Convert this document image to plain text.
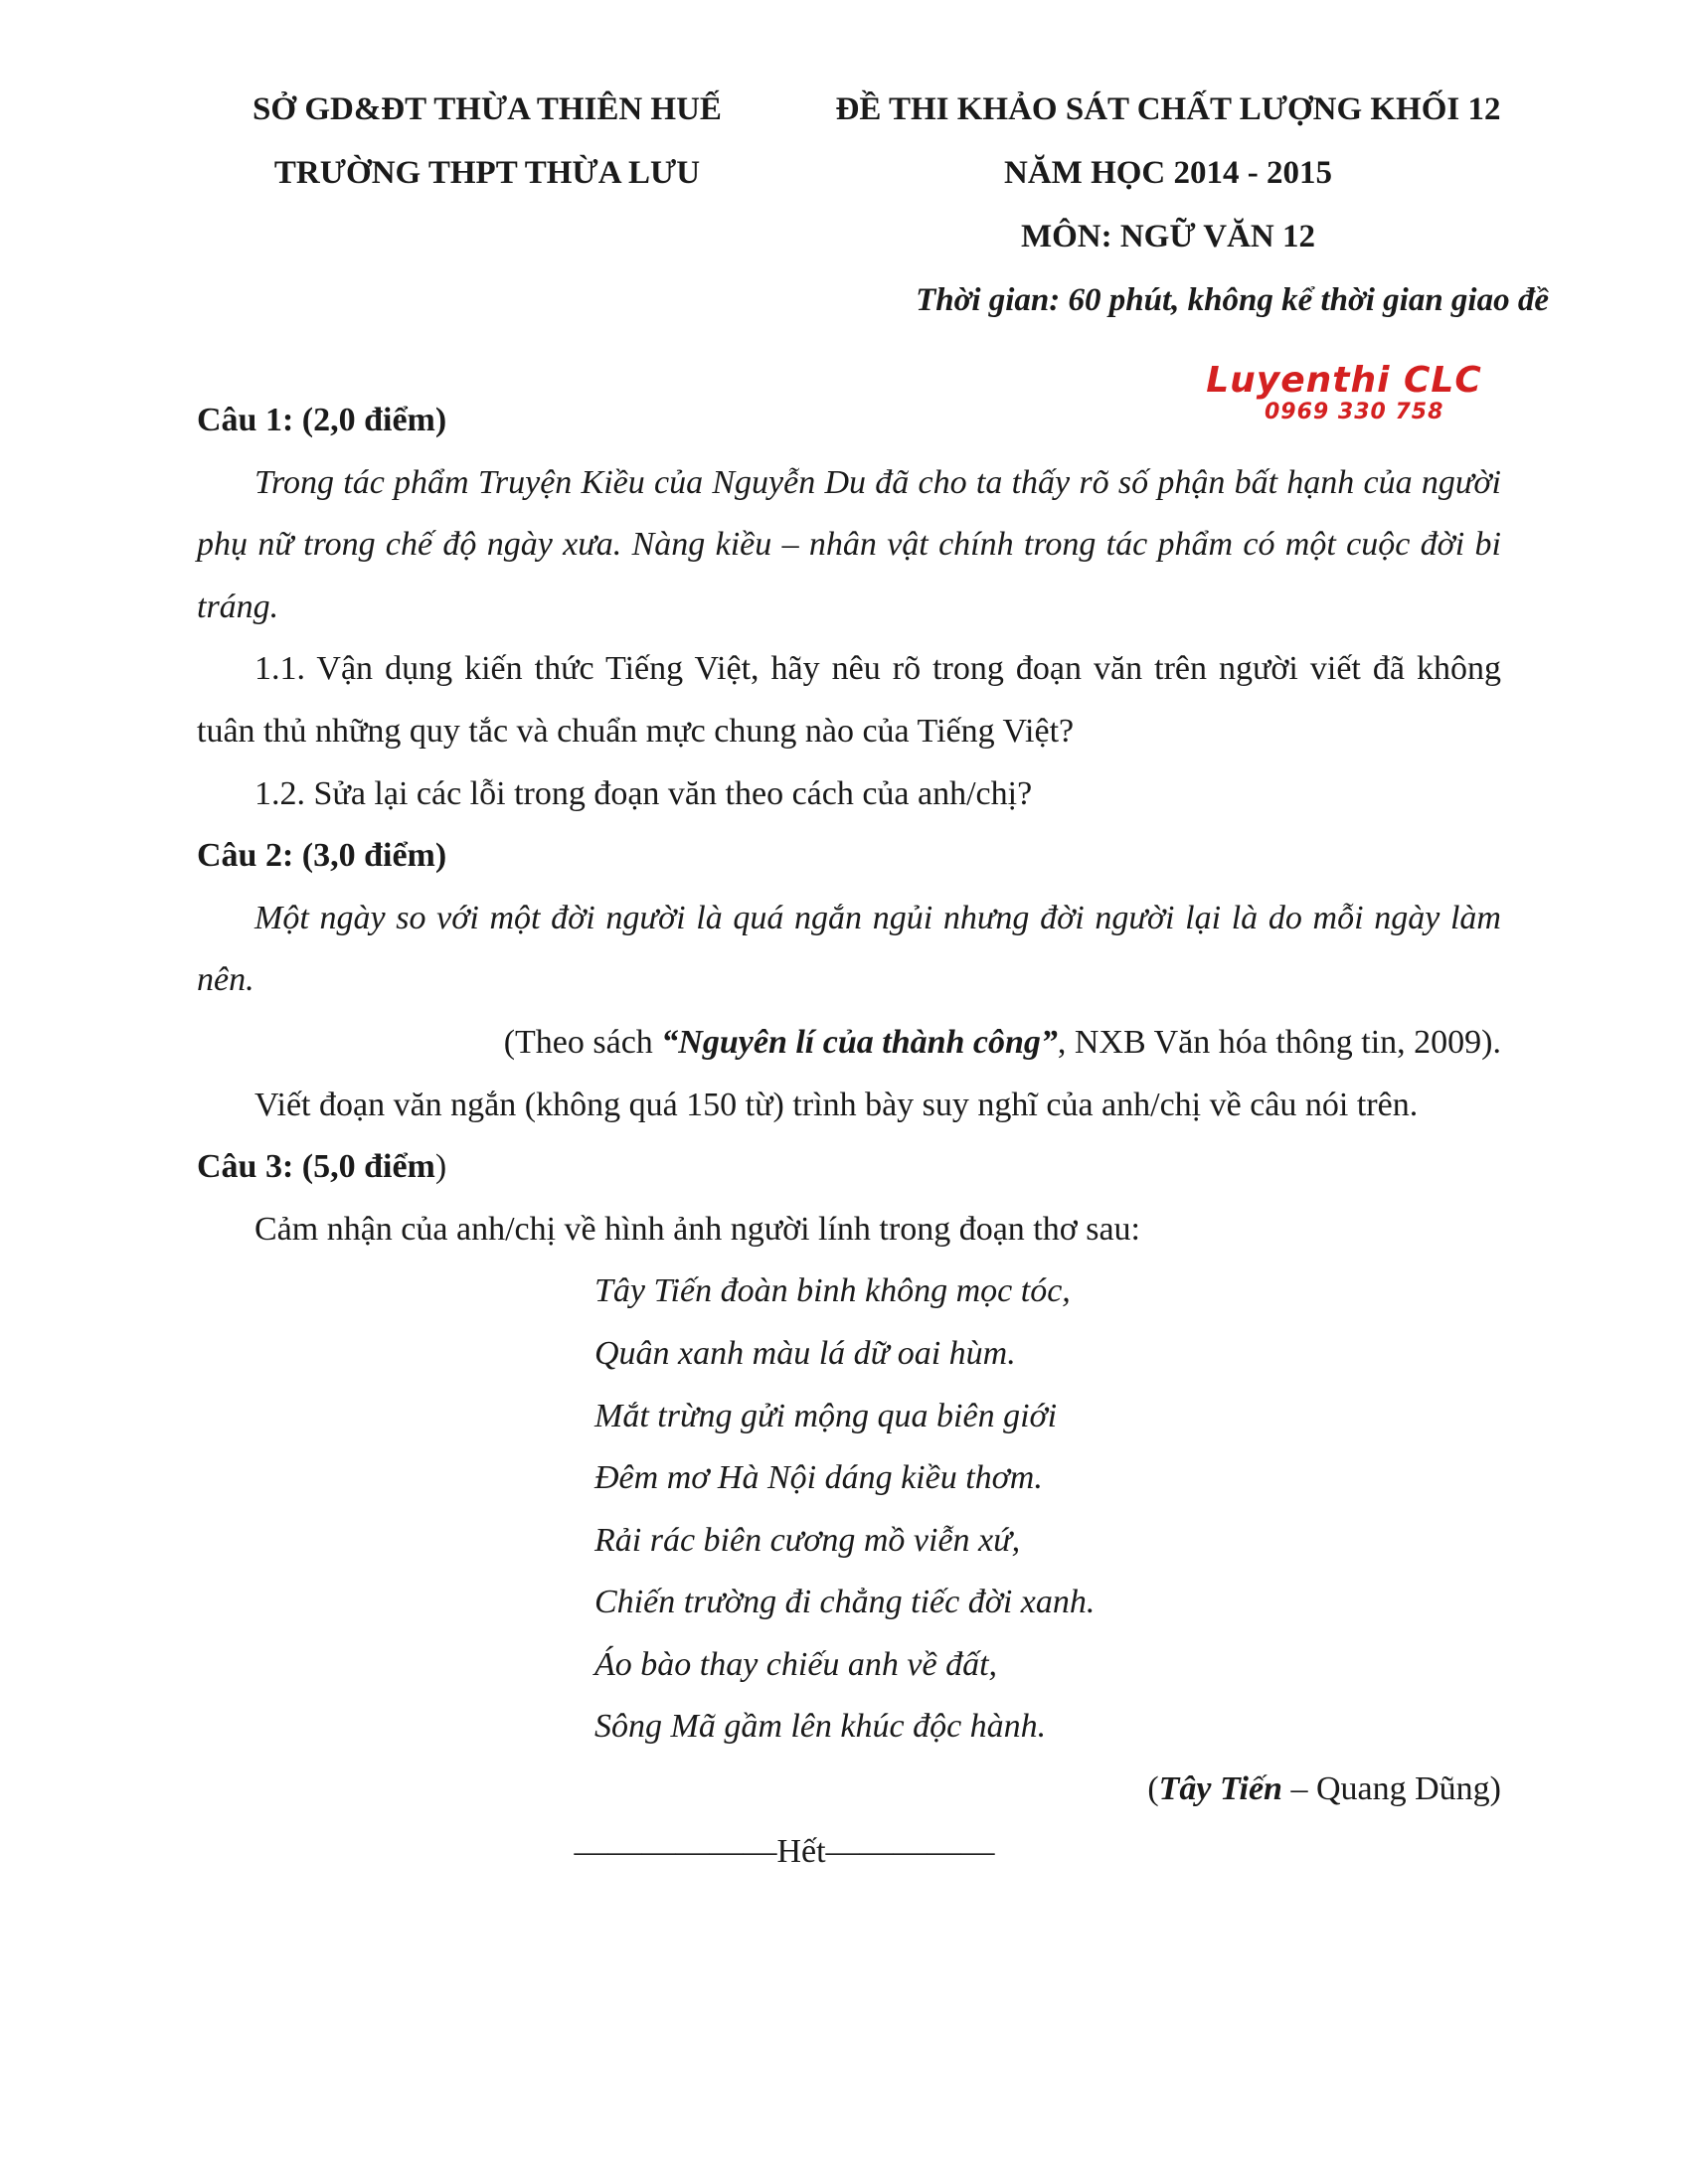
SỞ GD&ĐT THỪA THIÊN HUẾ
TRƯỜNG THPT THỪA LƯU
ĐỀ THI KHẢO SÁT CHẤT LƯỢNG KHỐI 12
NĂM HỌC 2014 - 2015
MÔN: NGỮ VĂN 12
Thời gian: 60 phút, không kể thời gian giao đề
Luyenthi CLC
0969 330 758

Câu 1: (2,0 điểm)

Trong tác phẩm Truyện Kiều của Nguyễn Du đã cho ta thấy rõ số phận bất hạnh của người phụ nữ trong chế độ ngày xưa. Nàng kiều – nhân vật chính trong tác phẩm có một cuộc đời bi tráng.

1.1. Vận dụng kiến thức Tiếng Việt, hãy nêu rõ trong đoạn văn trên người viết đã không tuân thủ những quy tắc và chuẩn mực chung nào của Tiếng Việt?

1.2. Sửa lại các lỗi trong đoạn văn theo cách của anh/chị?

Câu 2: (3,0 điểm)

Một ngày so với một đời người là quá ngắn ngủi nhưng đời người lại là do mỗi ngày làm nên.

(Theo sách “Nguyên lí của thành công”, NXB Văn hóa thông tin, 2009).

Viết đoạn văn ngắn (không quá 150 từ) trình bày suy nghĩ của anh/chị về câu nói trên.

Câu 3: (5,0 điểm)

Cảm nhận của anh/chị về hình ảnh người lính trong đoạn thơ sau:

Tây Tiến đoàn binh không mọc tóc,

Quân xanh màu lá dữ oai hùm.

Mắt trừng gửi mộng qua biên giới

Đêm mơ Hà Nội dáng kiều thơm.

Rải rác biên cương mồ viễn xứ,

Chiến trường đi chẳng tiếc đời xanh.

Áo bào thay chiếu anh về đất,

Sông Mã gầm lên khúc độc hành.

(Tây Tiến – Quang Dũng)

——————Hết—————
